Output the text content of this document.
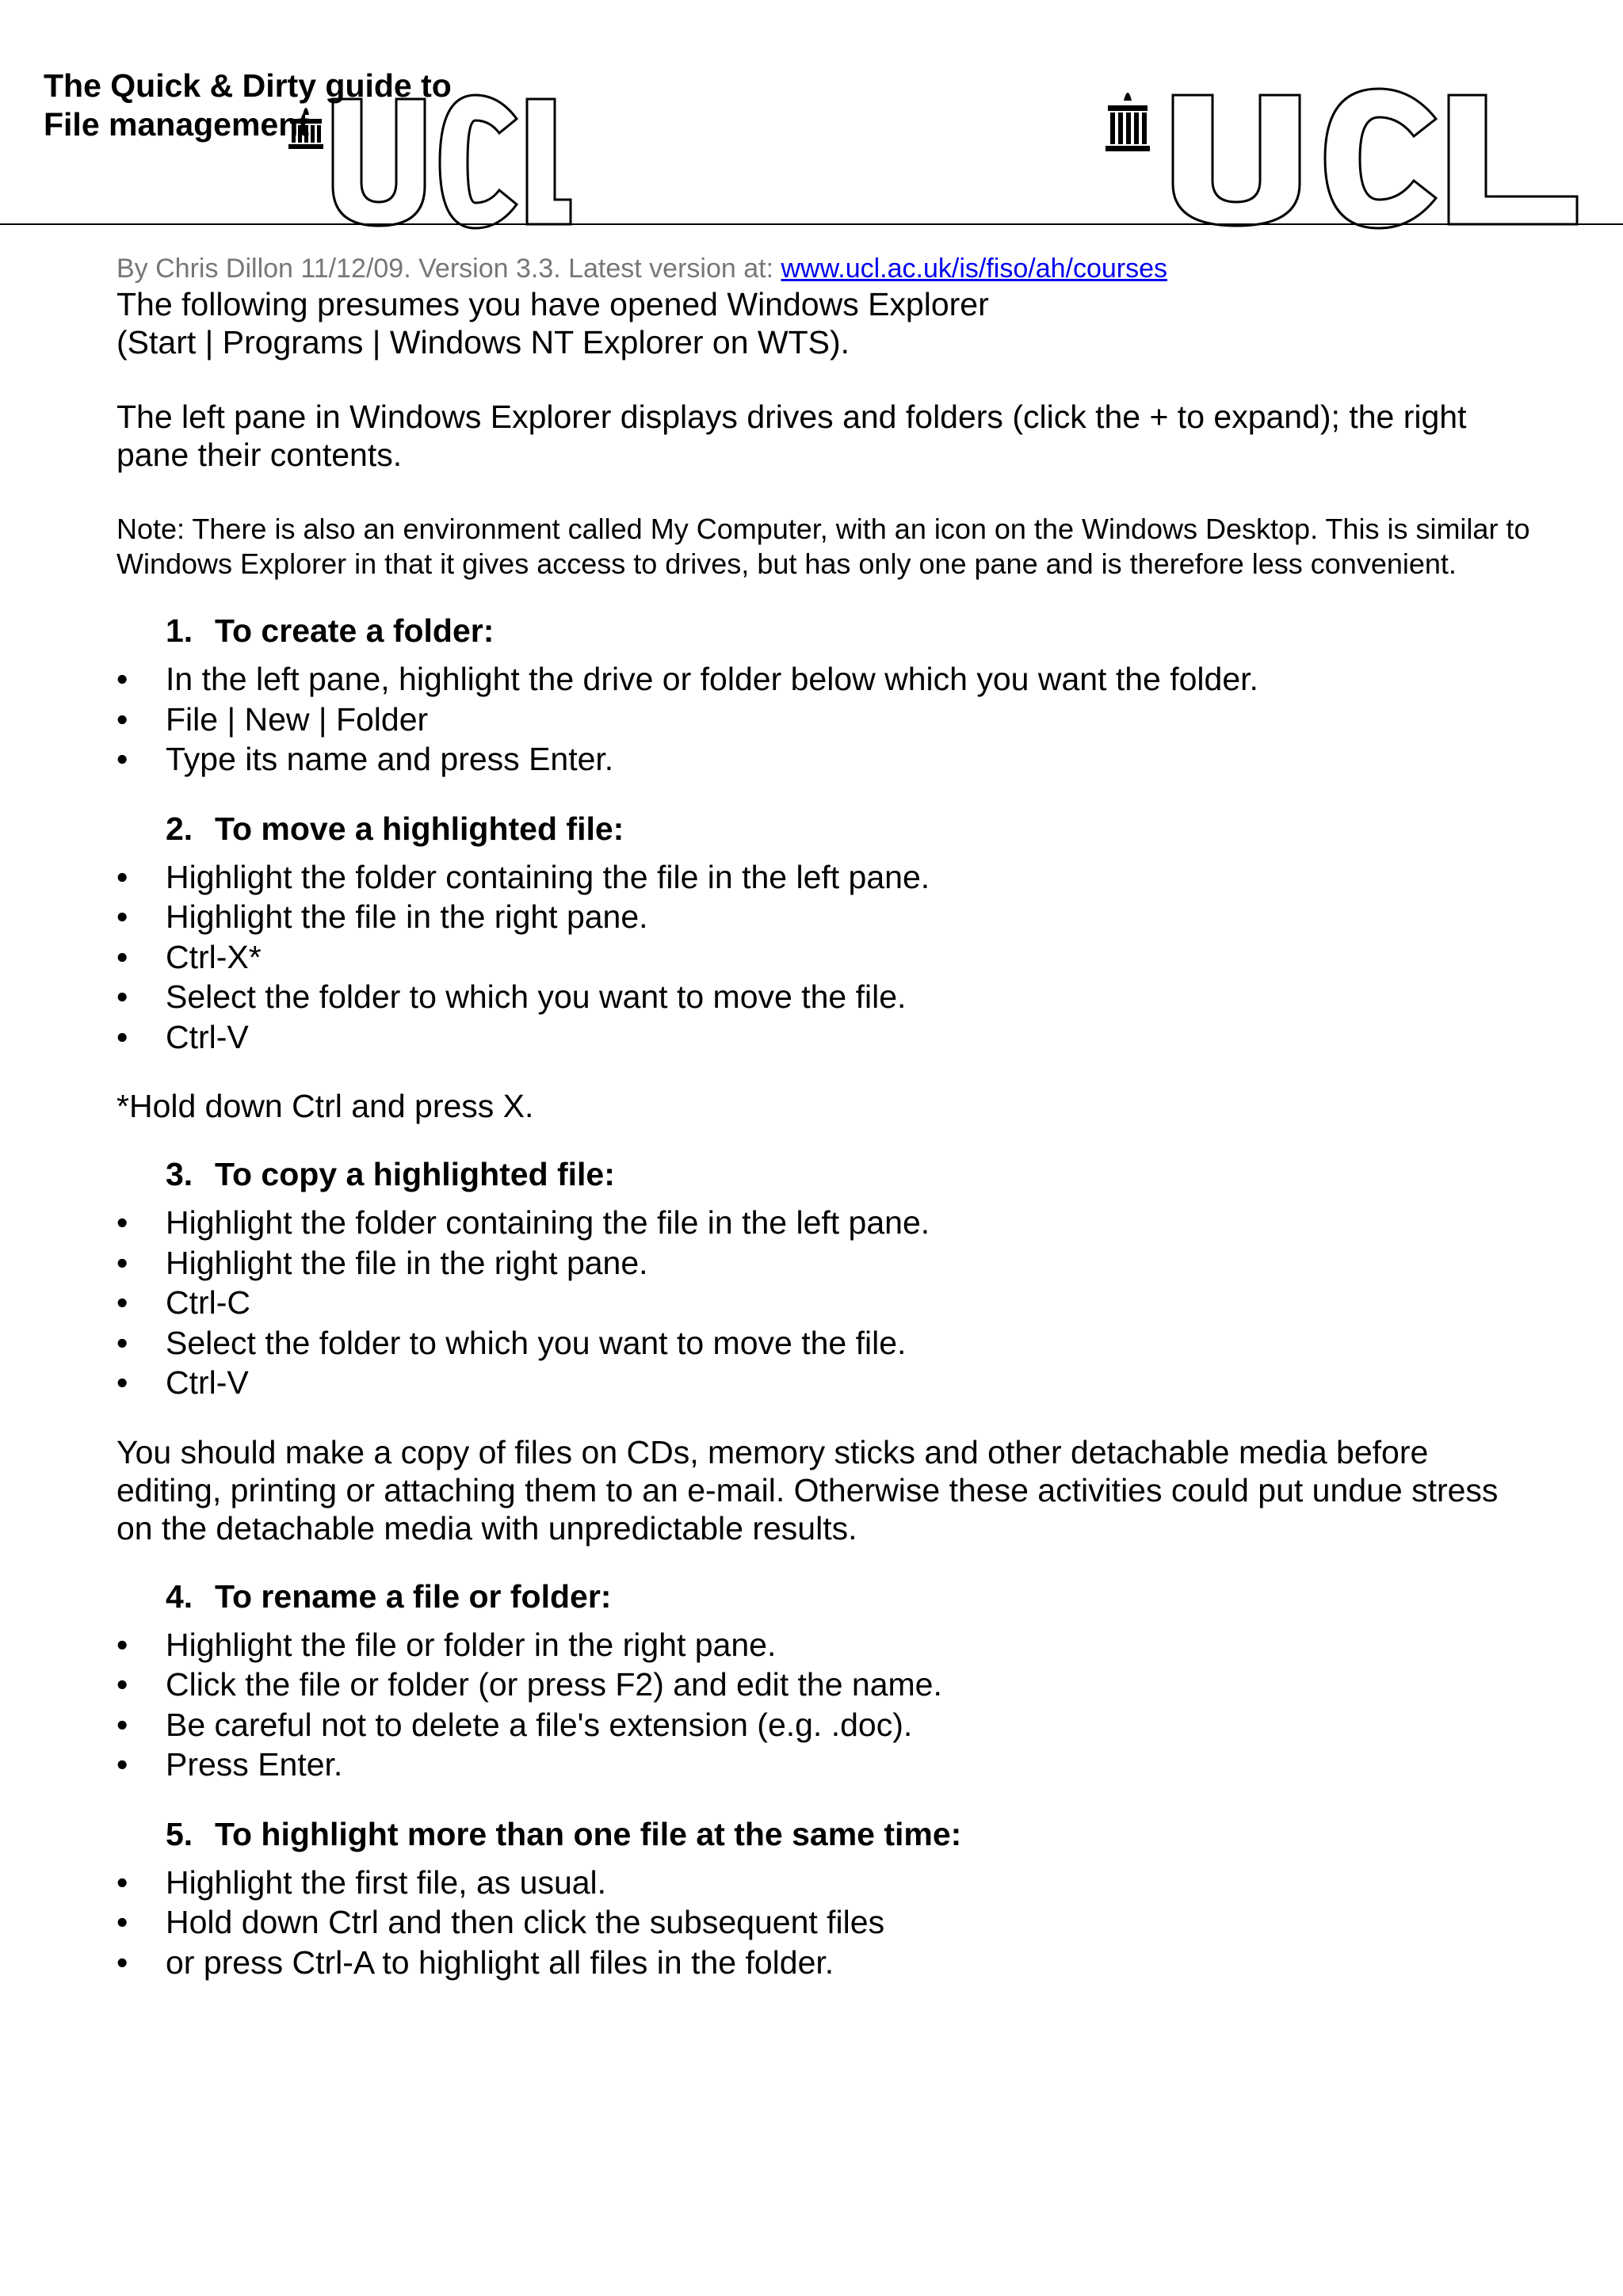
The Quick & Dirty guide to
File management
By Chris Dillon 11/12/09. Version 3.3. Latest version at: www.ucl.ac.uk/is/fiso/ah/courses

The following presumes you have opened Windows Explorer
(Start | Programs | Windows NT Explorer on WTS).

The left pane in Windows Explorer displays drives and folders (click the + to expand); the right pane their contents.

Note: There is also an environment called My Computer, with an icon on the Windows Desktop. This is similar to Windows Explorer in that it gives access to drives, but has only one pane and is therefore less convenient.

1. To create a folder:
• In the left pane, highlight the drive or folder below which you want the folder.
• File | New | Folder
• Type its name and press Enter.
2. To move a highlighted file:
• Highlight the folder containing the file in the left pane.
• Highlight the file in the right pane.
• Ctrl-X*
• Select the folder to which you want to move the file.
• Ctrl-V

*Hold down Ctrl and press X.

3. To copy a highlighted file:
• Highlight the folder containing the file in the left pane.
• Highlight the file in the right pane.
• Ctrl-C
• Select the folder to which you want to move the file.
• Ctrl-V

You should make a copy of files on CDs, memory sticks and other detachable media before editing, printing or attaching them to an e-mail. Otherwise these activities could put undue stress on the detachable media with unpredictable results.

4. To rename a file or folder:
• Highlight the file or folder in the right pane.
• Click the file or folder (or press F2) and edit the name.
• Be careful not to delete a file's extension (e.g. .doc).
• Press Enter.
5. To highlight more than one file at the same time:
• Highlight the first file, as usual.
• Hold down Ctrl and then click the subsequent files
• or press Ctrl-A to highlight all files in the folder.
